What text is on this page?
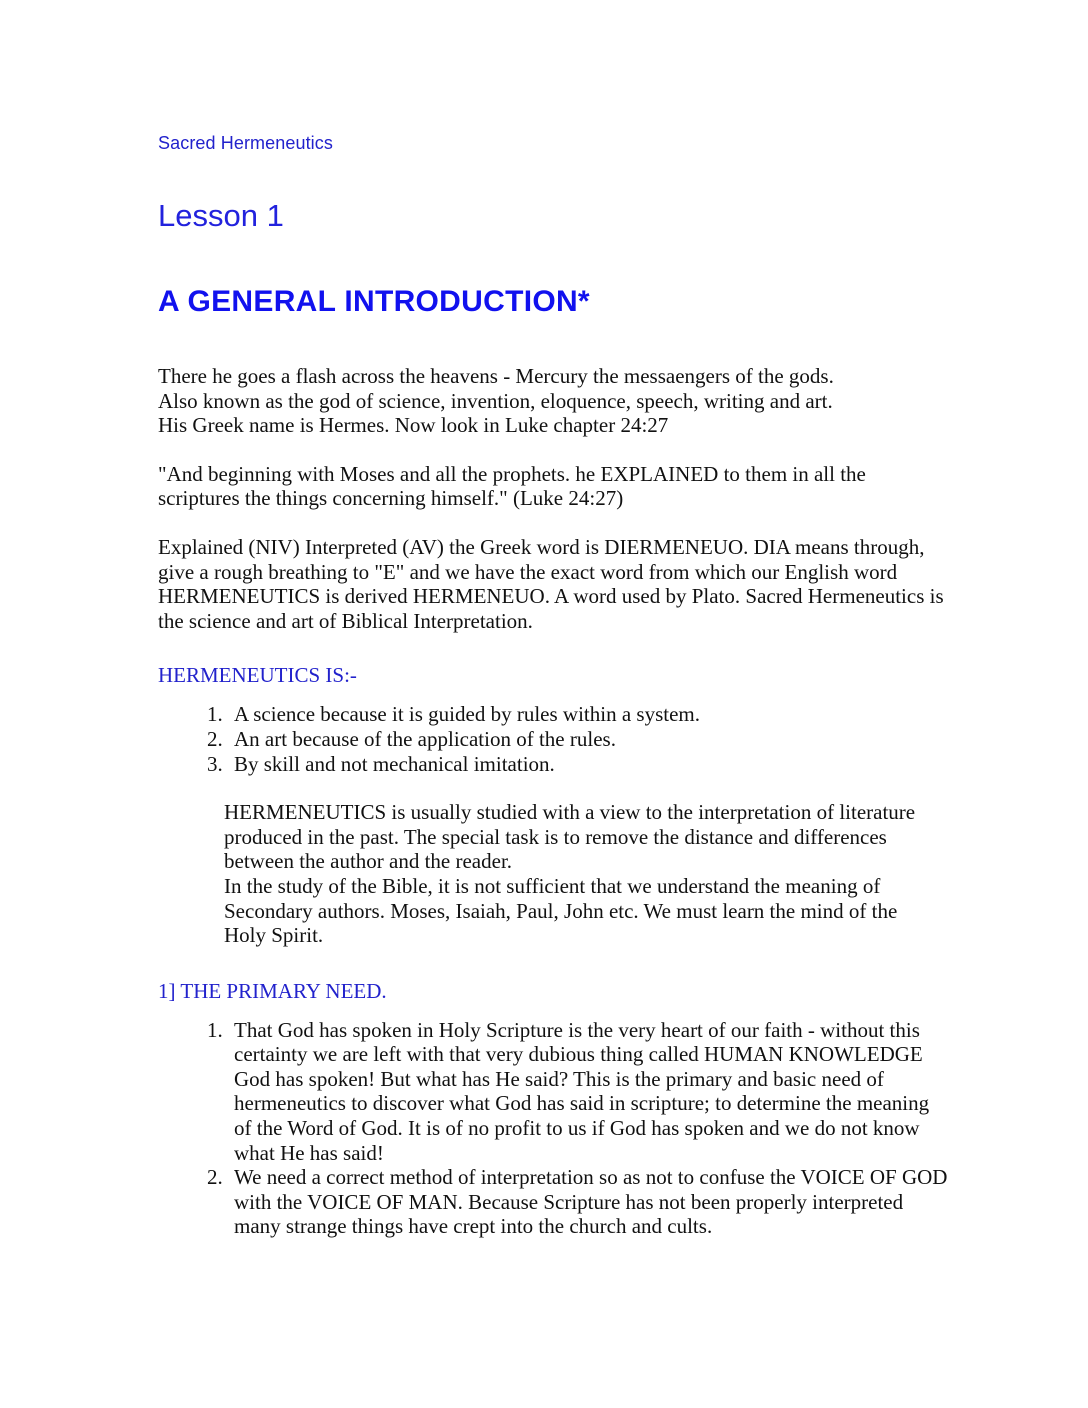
Sacred Hermeneutics

Lesson 1
A GENERAL INTRODUCTION*

There he goes a flash across the heavens - Mercury the messaengers of the gods.
Also known as the god of science, invention, eloquence, speech, writing and art.
His Greek name is Hermes. Now look in Luke chapter 24:27

"And beginning with Moses and all the prophets. he EXPLAINED to them in all the scriptures the things concerning himself." (Luke 24:27)

Explained (NIV) Interpreted (AV) the Greek word is DIERMENEUO. DIA means through, give a rough breathing to "E" and we have the exact word from which our English word HERMENEUTICS is derived HERMENEUO. A word used by Plato. Sacred Hermeneutics is the science and art of Biblical Interpretation.

HERMENEUTICS IS:-
1. A science because it is guided by rules within a system.
2. An art because of the application of the rules.
3. By skill and not mechanical imitation.

HERMENEUTICS is usually studied with a view to the interpretation of literature produced in the past. The special task is to remove the distance and differences between the author and the reader.

In the study of the Bible, it is not sufficient that we understand the meaning of Secondary authors. Moses, Isaiah, Paul, John etc. We must learn the mind of the Holy Spirit.

1] THE PRIMARY NEED.
1. That God has spoken in Holy Scripture is the very heart of our faith - without this certainty we are left with that very dubious thing called HUMAN KNOWLEDGE God has spoken! But what has He said? This is the primary and basic need of hermeneutics to discover what God has said in scripture; to determine the meaning of the Word of God. It is of no profit to us if God has spoken and we do not know what He has said!
2. We need a correct method of interpretation so as not to confuse the VOICE OF GOD with the VOICE OF MAN. Because Scripture has not been properly interpreted many strange things have crept into the church and cults.
